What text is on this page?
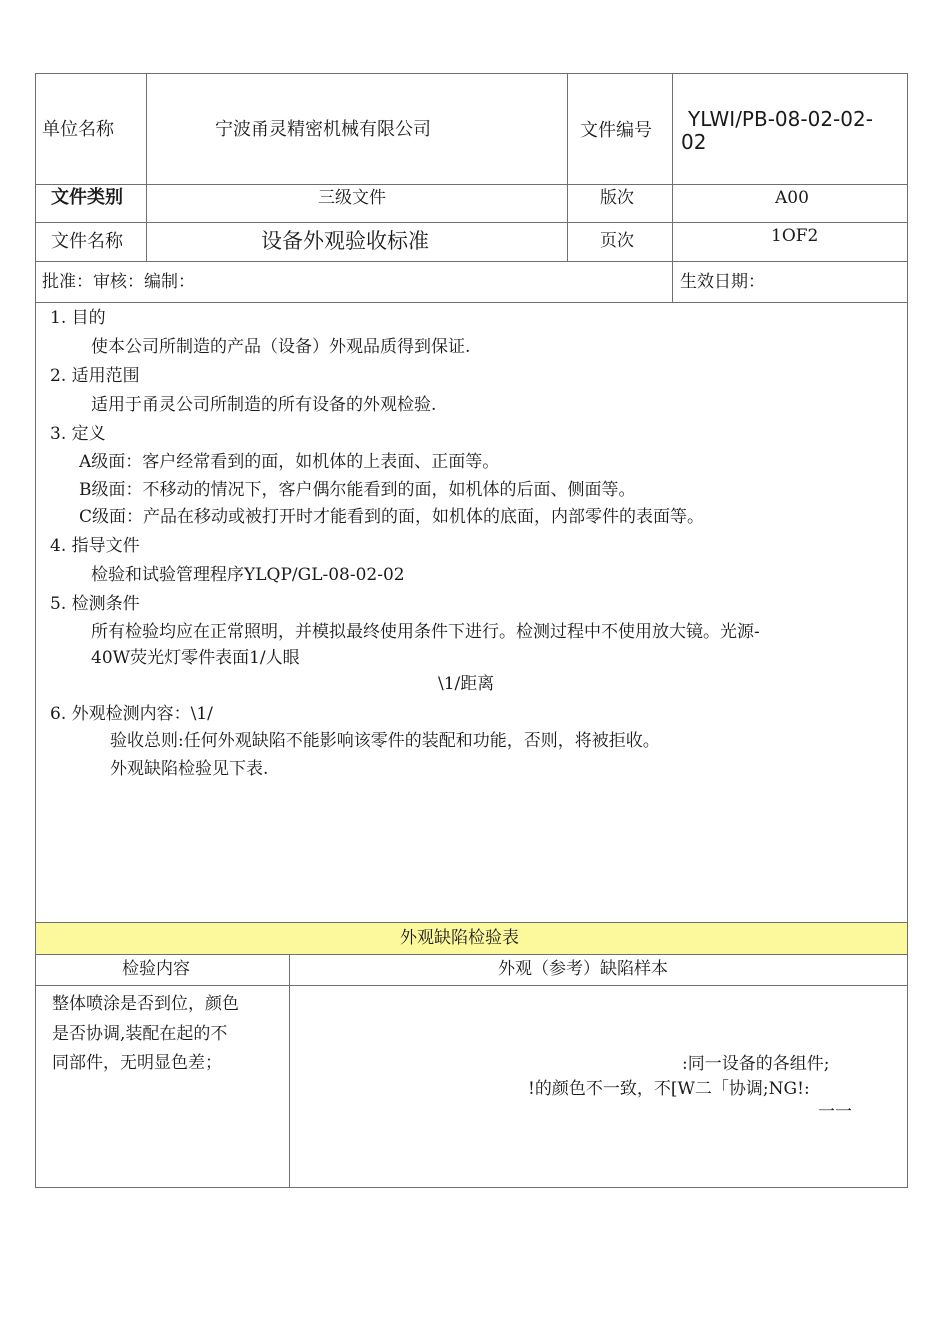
单位名称	宁波甬灵精密机械有限公司	文件编号 YLWI/PB-08-02-02-
02
文件类别	三级文件	版次	A00
文件名称	设备外观验收标准	页次	1OF2
批准：审核：编制：	生效日期：
1. 目的
使本公司所制造的产品（设备）外观品质得到保证.
2. 适用范围
适用于甬灵公司所制造的所有设备的外观检验.
3. 定义
A级面：客户经常看到的面，如机体的上表面、正面等。
B级面：不移动的情况下，客户偶尔能看到的面，如机体的后面、侧面等。
C级面：产品在移动或被打开时才能看到的面，如机体的底面，内部零件的表面等。
4. 指导文件
检验和试验管理程序YLQP/GL-08-02-02
5. 检测条件
所有检验均应在正常照明，并模拟最终使用条件下进行。检测过程中不使用放大镜。光源-
40W荧光灯零件表面1/人眼
\1/距离
6. 外观检测内容：\1/
验收总则:任何外观缺陷不能影响该零件的装配和功能，否则，将被拒收。
外观缺陷检验见下表.
外观缺陷检验表
检验内容	外观（参考）缺陷样本
整体喷涂是否到位，颜色
是否协调,装配在起的不
同部件，无明显色差；	:同一设备的各组件;
!的颜色不一致，不[W二「协调;NG!:
一一
